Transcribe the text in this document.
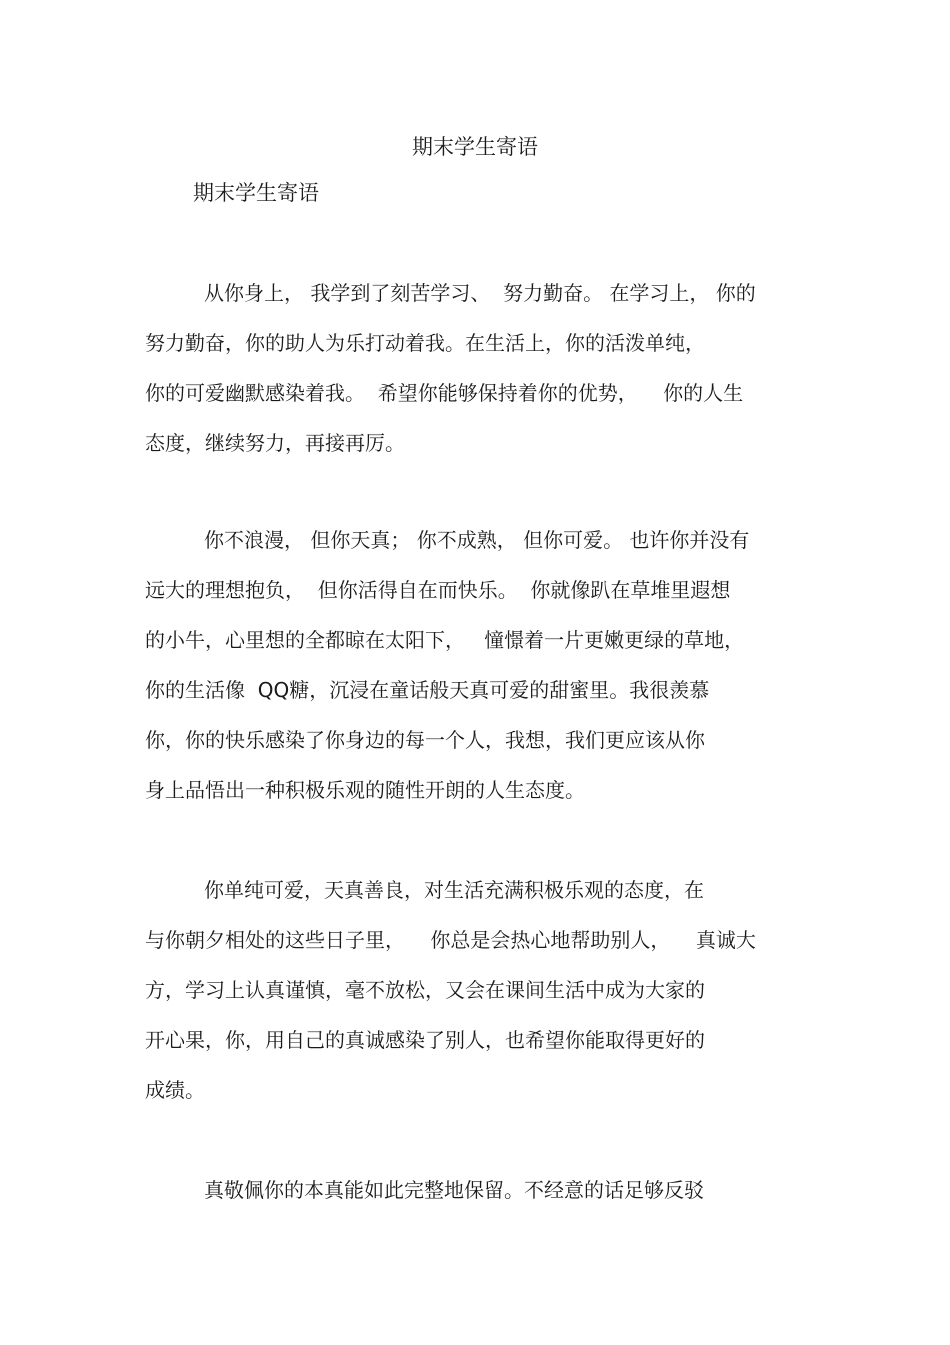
期末学生寄语
期末学生寄语
从你身上， 我学到了刻苦学习、  努力勤奋。 在学习上， 你的
努力勤奋，你的助人为乐打动着我。在生活上，你的活泼单纯，
你的可爱幽默感染着我。  希望你能够保持着你的优势，    你的人生
态度，继续努力，再接再厉。
你不浪漫， 但你天真； 你不成熟， 但你可爱。 也许你并没有
远大的理想抱负，  但你活得自在而快乐。  你就像趴在草堆里遐想
的小牛，心里想的全都晾在太阳下，   憧憬着一片更嫩更绿的草地，
你的生活像  QQ糖，沉浸在童话般天真可爱的甜蜜里。我很羡慕
你，你的快乐感染了你身边的每一个人，我想，我们更应该从你
身上品悟出一种积极乐观的随性开朗的人生态度。
你单纯可爱，天真善良，对生活充满积极乐观的态度，在
与你朝夕相处的这些日子里，    你总是会热心地帮助别人，    真诚大
方，学习上认真谨慎，毫不放松，又会在课间生活中成为大家的
开心果，你，用自己的真诚感染了别人，也希望你能取得更好的
成绩。
真敬佩你的本真能如此完整地保留。不经意的话足够反驳
